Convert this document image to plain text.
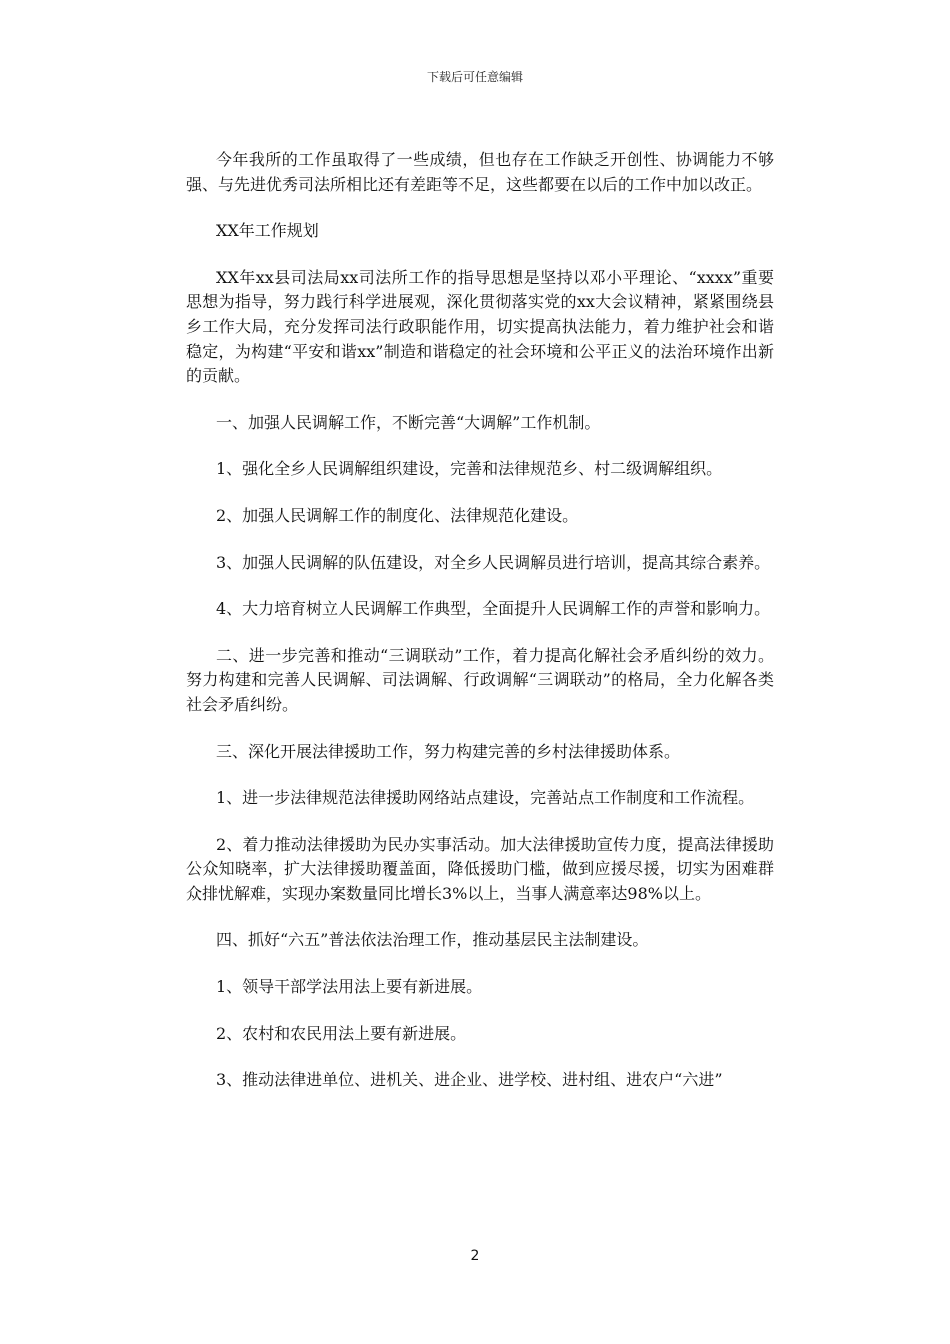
下载后可任意编辑

今年我所的工作虽取得了一些成绩，但也存在工作缺乏开创性、协调能力不够强、与先进优秀司法所相比还有差距等不足，这些都要在以后的工作中加以改正。

XX年工作规划

XX年xx县司法局xx司法所工作的指导思想是坚持以邓小平理论、“xxxx”重要思想为指导，努力践行科学进展观，深化贯彻落实党的xx大会议精神，紧紧围绕县乡工作大局，充分发挥司法行政职能作用，切实提高执法能力，着力维护社会和谐稳定，为构建“平安和谐xx”制造和谐稳定的社会环境和公平正义的法治环境作出新的贡献。

一、加强人民调解工作，不断完善“大调解”工作机制。

1、强化全乡人民调解组织建设，完善和法律规范乡、村二级调解组织。

2、加强人民调解工作的制度化、法律规范化建设。

3、加强人民调解的队伍建设，对全乡人民调解员进行培训，提高其综合素养。

4、大力培育树立人民调解工作典型，全面提升人民调解工作的声誉和影响力。

二、进一步完善和推动“三调联动”工作，着力提高化解社会矛盾纠纷的效力。努力构建和完善人民调解、司法调解、行政调解“三调联动”的格局，全力化解各类社会矛盾纠纷。

三、深化开展法律援助工作，努力构建完善的乡村法律援助体系。

1、进一步法律规范法律援助网络站点建设，完善站点工作制度和工作流程。

2、着力推动法律援助为民办实事活动。加大法律援助宣传力度，提高法律援助公众知晓率，扩大法律援助覆盖面，降低援助门槛，做到应援尽援，切实为困难群众排忧解难，实现办案数量同比增长3%以上，当事人满意率达98%以上。

四、抓好“六五”普法依法治理工作，推动基层民主法制建设。

1、领导干部学法用法上要有新进展。

2、农村和农民用法上要有新进展。

3、推动法律进单位、进机关、进企业、进学校、进村组、进农户“六进”

2
